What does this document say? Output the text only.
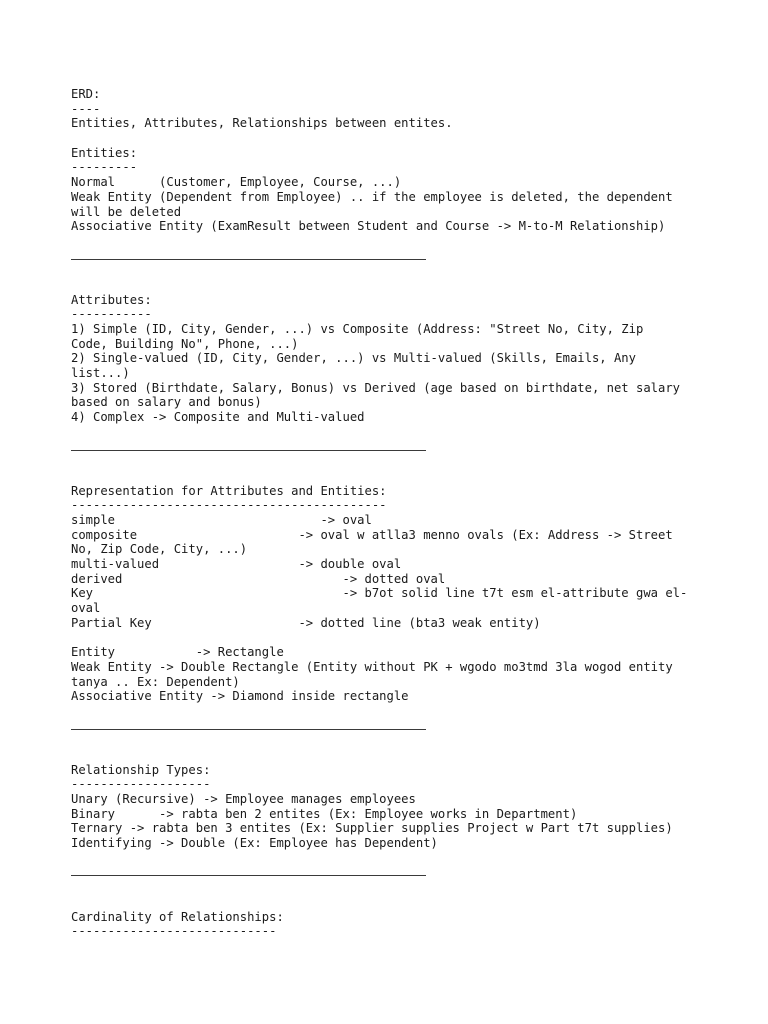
ERD:
----
Entities, Attributes, Relationships between entites.
Entities:
---------
Normal      (Customer, Employee, Course, ...)
Weak Entity (Dependent from Employee) .. if the employee is deleted, the dependent
will be deleted
Associative Entity (ExamResult between Student and Course -> M-to-M Relationship)
Attributes:
-----------
1) Simple (ID, City, Gender, ...) vs Composite (Address: "Street No, City, Zip
Code, Building No", Phone, ...)
2) Single-valued (ID, City, Gender, ...) vs Multi-valued (Skills, Emails, Any
list...)
3) Stored (Birthdate, Salary, Bonus) vs Derived (age based on birthdate, net salary
based on salary and bonus)
4) Complex -> Composite and Multi-valued
Representation for Attributes and Entities:
-------------------------------------------
simple                            -> oval
composite                      -> oval w atlla3 menno ovals (Ex: Address -> Street
No, Zip Code, City, ...)
multi-valued                   -> double oval
derived                              -> dotted oval
Key                                  -> b7ot solid line t7t esm el-attribute gwa el-
oval
Partial Key                    -> dotted line (bta3 weak entity)
Entity           -> Rectangle
Weak Entity -> Double Rectangle (Entity without PK + wgodo mo3tmd 3la wogod entity
tanya .. Ex: Dependent)
Associative Entity -> Diamond inside rectangle
Relationship Types:
-------------------
Unary (Recursive) -> Employee manages employees
Binary      -> rabta ben 2 entites (Ex: Employee works in Department)
Ternary -> rabta ben 3 entites (Ex: Supplier supplies Project w Part t7t supplies)
Identifying -> Double (Ex: Employee has Dependent)
Cardinality of Relationships:
----------------------------
